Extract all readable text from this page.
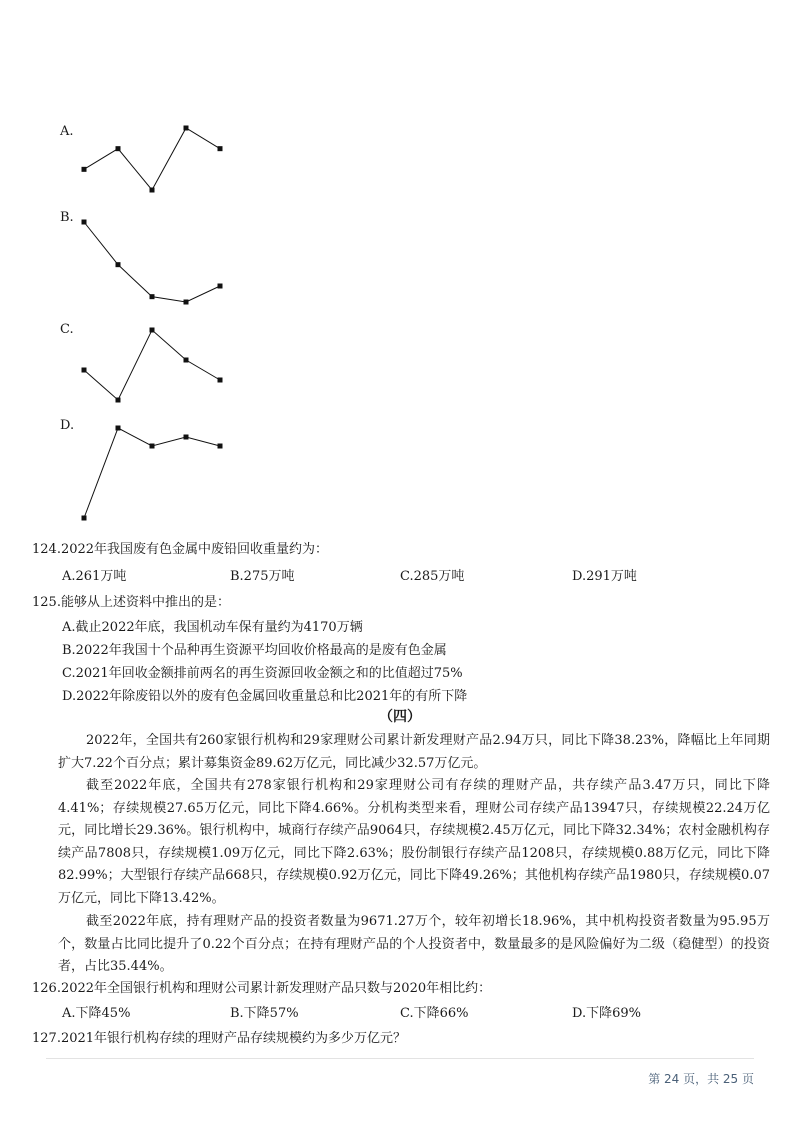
A.
B.
C.
D.
124.2022年我国废有色金属中废铅回收重量约为：
A.261万吨	B.275万吨	C.285万吨	D.291万吨
125.能够从上述资料中推出的是：
A.截止2022年底，我国机动车保有量约为4170万辆
B.2022年我国十个品种再生资源平均回收价格最高的是废有色金属
C.2021年回收金额排前两名的再生资源回收金额之和的比值超过75%
D.2022年除废铅以外的废有色金属回收重量总和比2021年的有所下降
（四）
2022年，全国共有260家银行机构和29家理财公司累计新发理财产品2.94万只，同比下降38.23%，降幅比上年同期扩大7.22个百分点；累计募集资金89.62万亿元，同比减少32.57万亿元。
截至2022年底，全国共有278家银行机构和29家理财公司有存续的理财产品，共存续产品3.47万只，同比下降4.41%；存续规模27.65万亿元，同比下降4.66%。分机构类型来看，理财公司存续产品13947只，存续规模22.24万亿元，同比增长29.36%。银行机构中，城商行存续产品9064只，存续规模2.45万亿元，同比下降32.34%；农村金融机构存续产品7808只，存续规模1.09万亿元，同比下降2.63%；股份制银行存续产品1208只，存续规模0.88万亿元，同比下降82.99%；大型银行存续产品668只，存续规模0.92万亿元，同比下降49.26%；其他机构存续产品1980只，存续规模0.07万亿元，同比下降13.42%。
截至2022年底，持有理财产品的投资者数量为9671.27万个，较年初增长18.96%，其中机构投资者数量为95.95万个，数量占比同比提升了0.22个百分点；在持有理财产品的个人投资者中，数量最多的是风险偏好为二级（稳健型）的投资者，占比35.44%。
126.2022年全国银行机构和理财公司累计新发理财产品只数与2020年相比约：
A.下降45%	B.下降57%	C.下降66%	D.下降69%
127.2021年银行机构存续的理财产品存续规模约为多少万亿元？
第 24 页，共 25 页
